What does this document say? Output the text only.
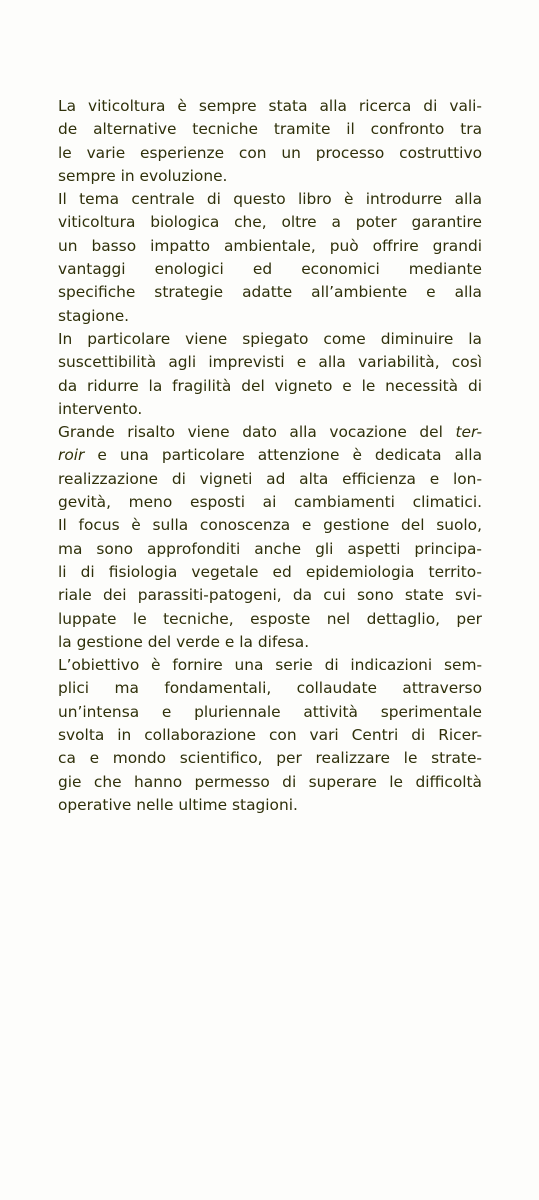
La viticoltura è sempre stata alla ricerca di vali-
de alternative tecniche tramite il confronto tra
le varie esperienze con un processo costruttivo
sempre in evoluzione.
Il tema centrale di questo libro è introdurre alla
viticoltura biologica che, oltre a poter garantire
un basso impatto ambientale, può offrire grandi
vantaggi enologici ed economici mediante
specifiche strategie adatte all’ambiente e alla
stagione.
In particolare viene spiegato come diminuire la
suscettibilità agli imprevisti e alla variabilità, così
da ridurre la fragilità del vigneto e le necessità di
intervento.
Grande risalto viene dato alla vocazione del ter-
roir e una particolare attenzione è dedicata alla
realizzazione di vigneti ad alta efficienza e lon-
gevità, meno esposti ai cambiamenti climatici.
Il focus è sulla conoscenza e gestione del suolo,
ma sono approfonditi anche gli aspetti principa-
li di fisiologia vegetale ed epidemiologia territo-
riale dei parassiti-patogeni, da cui sono state svi-
luppate le tecniche, esposte nel dettaglio, per
la gestione del verde e la difesa.
L’obiettivo è fornire una serie di indicazioni sem-
plici ma fondamentali, collaudate attraverso
un’intensa e pluriennale attività sperimentale
svolta in collaborazione con vari Centri di Ricer-
ca e mondo scientifico, per realizzare le strate-
gie che hanno permesso di superare le difficoltà
operative nelle ultime stagioni.
